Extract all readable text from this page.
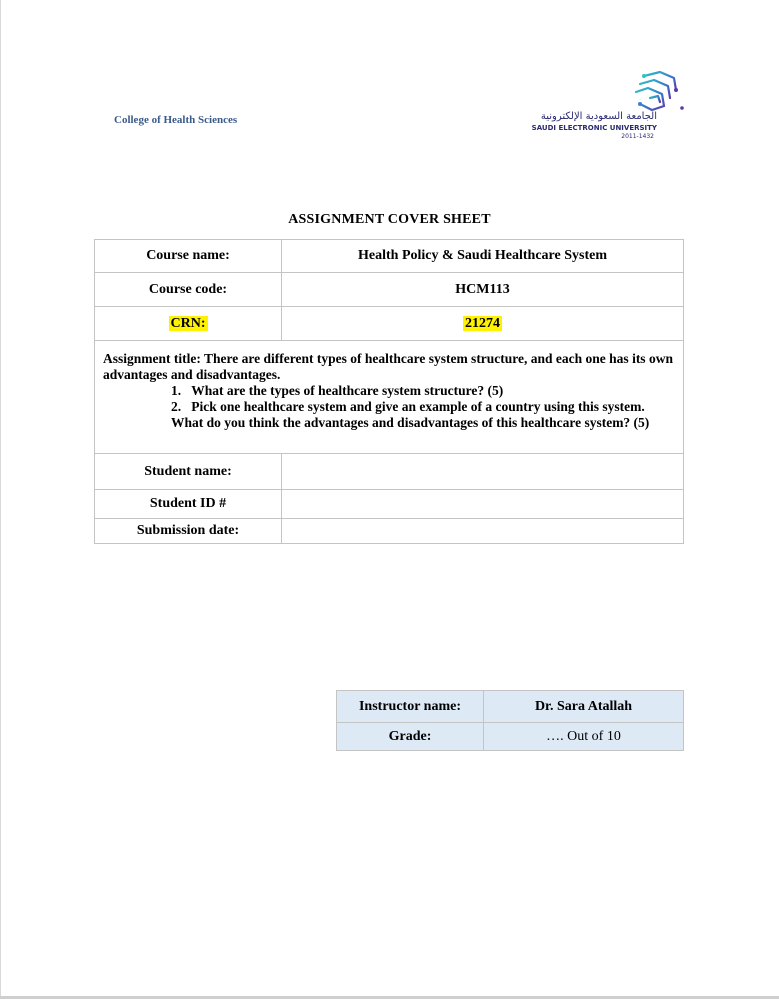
College of Health Sciences	الجامعة السعودية الإلكترونية
SAUDI ELECTRONIC UNIVERSITY
2011-1432
ASSIGNMENT COVER SHEET
Course name:	Health Policy & Saudi Healthcare System
Course code:	HCM113
CRN:	21274

Assignment title: There are different types of healthcare system structure, and each one has its own advantages and disadvantages.
1.   What are the types of healthcare system structure? (5)
2.   Pick one healthcare system and give an example of a country using this system.
What do you think the advantages and disadvantages of this healthcare system? (5)	

Student name:	
Student ID #	
Submission date:	
Instructor name:	Dr. Sara Atallah
Grade:	…. Out of 10
